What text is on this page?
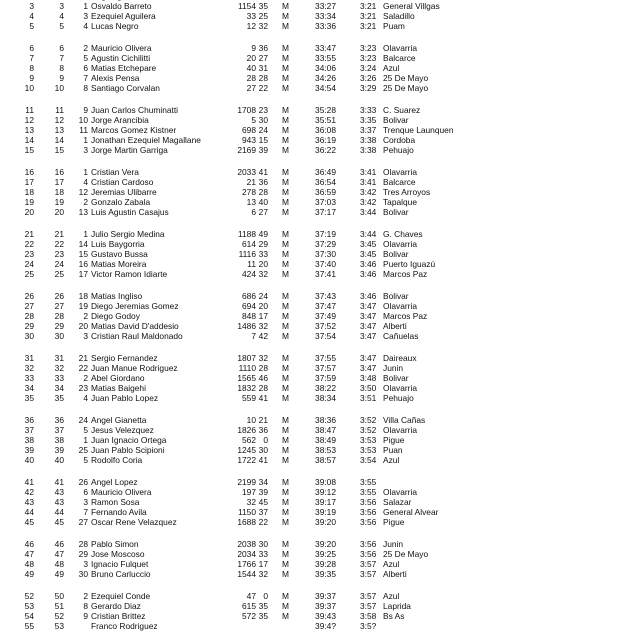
3	3	1 Osvaldo Barreto	1154 35 M	33:27	3:21 General Villgas
4	4	3 Ezequiel Aguilera	33 25 M	33:34	3:21 Saladillo
5	5	4 Lucas Negro	12 32 M	33:36	3:21 Puam
6	6	2 Mauricio Olivera	9 36 M	33:47	3:23 Olavarria
7	7	5 Agustin Cichilitti	20 27 M	33:55	3:23 Balcarce
8	8	6 Matias Etchepare	40 31 M	34:06	3:24 Azul
9	9	7 Alexis Pensa	28 28 M	34:26	3:26 25 De Mayo
10	10	8 Santiago Corvalan	27 22 M	34:54	3:29 25 De Mayo
11	11	9 Juan Carlos Chuminatti	1708 23 M	35:28	3:33 C. Suarez
12	12	10 Jorge Arancibia	5 30 M	35:51	3:35 Bolivar
13	13	11 Marcos Gomez Kistner	698 24 M	36:08	3:37 Trenque Launquen
14	14	1 Jonathan Ezequiel Magallane	943 15 M	36:19	3:38 Cordoba
15	15	3 Jorge Martin Garriga	2169 39 M	36:22	3:38 Pehuajo
16	16	1 Cristian Vera	2033 41 M	36:49	3:41 Olavarria
17	17	4 Cristian Cardoso	21 36 M	36:54	3:41 Balcarce
18	18	12 Jeremias Ulibarre	278 28 M	36:59	3:42 Tres Arroyos
19	19	2 Gonzalo Zabala	13 40 M	37:03	3:42 Tapalque
20	20	13 Luis Agustin Casajus	6 27 M	37:17	3:44 Bolivar
21	21	1 Julio Sergio Medina	1188 49 M	37:19	3:44 G. Chaves
22	22	14 Luis Baygorria	614 29 M	37:29	3:45 Olavarria
23	23	15 Gustavo Bussa	1116 33 M	37:30	3:45 Bolivar
24	24	16 Matias Moreira	11 20 M	37:40	3:46 Puerto Iguazú
25	25	17 Victor Ramon Idiarte	424 32 M	37:41	3:46 Marcos Paz
26	26	18 Matias Ingliso	686 24 M	37:43	3:46 Bolivar
27	27	19 Diego Jeremias Gomez	694 20 M	37:47	3:47 Olavarria
28	28	2 Diego Godoy	848 17 M	37:49	3:47 Marcos Paz
29	29	20 Matias David D'addesio	1486 32 M	37:52	3:47 Alberti
30	30	3 Cristian Raul Maldonado	7 42 M	37:54	3:47 Cañuelas
31	31	21 Sergio Fernandez	1807 32 M	37:55	3:47 Daireaux
32	32	22 Juan Manue Rodriguez	1110 28 M	37:57	3:47 Junin
33	33	2 Abel Giordano	1565 46 M	37:59	3:48 Bolivar
34	34	23 Matias Baigehi	1832 28 M	38:22	3:50 Olavarria
35	35	4 Juan Pablo Lopez	559 41 M	38:34	3:51 Pehuajo
36	36	24 Angel Gianetta	10 21 M	38:36	3:52 Villa Cañas
37	37	5 Jesus Velezquez	1826 36 M	38:47	3:52 Olavarria
38	38	1 Juan Ignacio Ortega	562 0 M	38:49	3:53 Pigue
39	39	25 Juan Pablo Scipioni	1245 30 M	38:53	3:53 Puan
40	40	5 Rodolfo Coria	1722 41 M	38:57	3:54 Azul
41	41	26 Angel Lopez	2199 34 M	39:08	3:55
42	43	6 Mauricio Olivera	197 39 M	39:12	3:55 Olavarria
43	43	3 Ramon Sosa	32 45 M	39:17	3:56 Salazar
44	44	7 Fernando Avila	1150 37 M	39:19	3:56 General Alvear
45	45	27 Oscar Rene Velazquez	1688 22 M	39:20	3:56 Pigue
46	46	28 Pablo Simon	2038 30 M	39:20	3:56 Junin
47	47	29 Jose Moscoso	2034 33 M	39:25	3:56 25 De Mayo
48	48	3 Ignacio Fulquet	1766 17 M	39:28	3:57 Azul
49	49	30 Bruno Carluccio	1544 32 M	39:35	3:57 Alberti
52	50	2 Ezequiel Conde	47 0 M	39:37	3:57 Azul
53	51	8 Gerardo Diaz	615 35 M	39:37	3:57 Laprida
54	52	9 Cristian Brittez	572 35 M	39:43	3:58 Bs As
55	53	Franco Rodriguez	39:4?	3:5?
